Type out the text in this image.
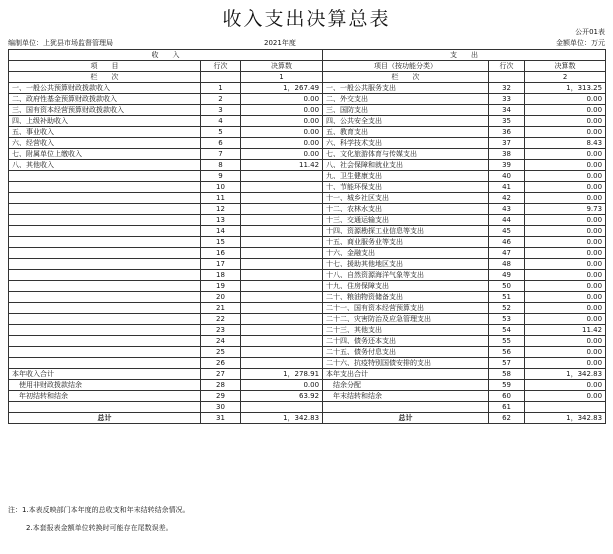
收入支出决算总表
公开01表
编制单位：上犹县市场监督管理局	2021年度	金额单位：万元
收　　入			支　　出		
项　　目	行次	决算数	项目（按功能分类）	行次	决算数
栏　　次		1	栏　　次		2
一、一般公共预算财政拨款收入	1	1，267.49	一、一般公共服务支出	32	1，313.25
二、政府性基金预算财政拨款收入	2	0.00	二、外交支出	33	0.00
三、国有资本经营预算财政拨款收入	3	0.00	三、国防支出	34	0.00
四、上级补助收入	4	0.00	四、公共安全支出	35	0.00
五、事业收入	5	0.00	五、教育支出	36	0.00
六、经营收入	6	0.00	六、科学技术支出	37	8.43
七、附属单位上缴收入	7	0.00	七、文化旅游体育与传媒支出	38	0.00
八、其他收入	8	11.42	八、社会保障和就业支出	39	0.00
	9		九、卫生健康支出	40	0.00
	10		十、节能环保支出	41	0.00
	11		十一、城乡社区支出	42	0.00
	12		十二、农林水支出	43	9.73
	13		十三、交通运输支出	44	0.00
	14		十四、资源勘探工业信息等支出	45	0.00
	15		十五、商业服务业等支出	46	0.00
	16		十六、金融支出	47	0.00
	17		十七、援助其他地区支出	48	0.00
	18		十八、自然资源海洋气象等支出	49	0.00
	19		十九、住房保障支出	50	0.00
	20		二十、粮油物资储备支出	51	0.00
	21		二十一、国有资本经营预算支出	52	0.00
	22		二十二、灾害防治及应急管理支出	53	0.00
	23		二十三、其他支出	54	11.42
	24		二十四、债务还本支出	55	0.00
	25		二十五、债务付息支出	56	0.00
	26		二十六、抗疫特别国债安排的支出	57	0.00
本年收入合计	27	1，278.91	本年支出合计	58	1，342.83
　使用非财政拨款结余	28	0.00	　结余分配	59	0.00
　年初结转和结余	29	63.92	　年末结转和结余	60	0.00
	30			61	
总计	31	1，342.83	总计	62	1，342.83
注：1.本表反映部门本年度的总收支和年末结转结余情况。
2.本套报表金额单位转换时可能存在尾数误差。
